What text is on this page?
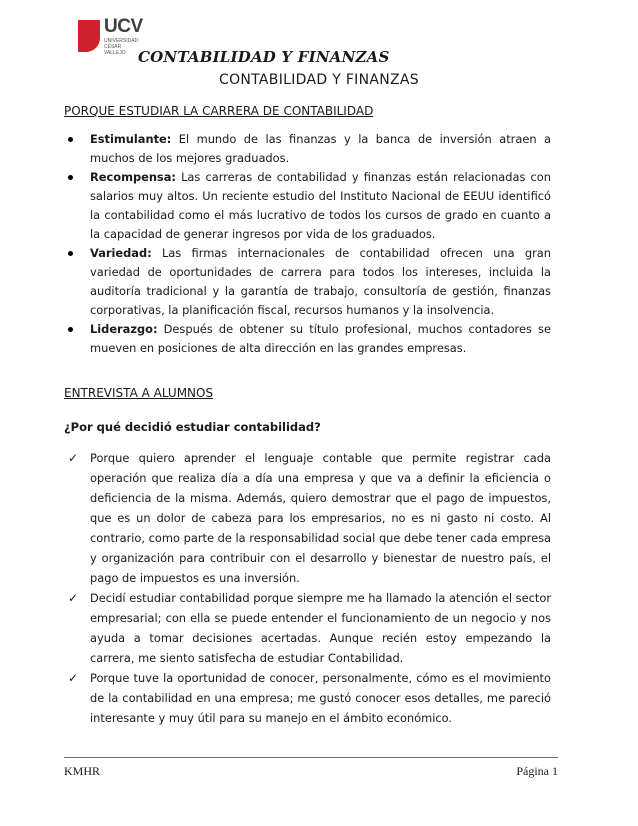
UCV
UNIVERSIDAD CÉSAR VALLEJO CONTABILIDAD Y FINANZAS
CONTABILIDAD Y FINANZAS
PORQUE ESTUDIAR LA CARRERA DE CONTABILIDAD
Estimulante: El mundo de las finanzas y la banca de inversión atraen a muchos de los mejores graduados.
Recompensa: Las carreras de contabilidad y finanzas están relacionadas con salarios muy altos. Un reciente estudio del Instituto Nacional de EEUU identificó la contabilidad como el más lucrativo de todos los cursos de grado en cuanto a la capacidad de generar ingresos por vida de los graduados.
Variedad: Las firmas internacionales de contabilidad ofrecen una gran variedad de oportunidades de carrera para todos los intereses, incluida la auditoría tradicional y la garantía de trabajo, consultoría de gestión, finanzas corporativas, la planificación fiscal, recursos humanos y la insolvencia.
Liderazgo: Después de obtener su título profesional, muchos contadores se mueven en posiciones de alta dirección en las grandes empresas.
ENTREVISTA A ALUMNOS
¿Por qué decidió estudiar contabilidad?
✓ Porque quiero aprender el lenguaje contable que permite registrar cada operación que realiza día a día una empresa y que va a definir la eficiencia o deficiencia de la misma. Además, quiero demostrar que el pago de impuestos, que es un dolor de cabeza para los empresarios, no es ni gasto ni costo. Al contrario, como parte de la responsabilidad social que debe tener cada empresa y organización para contribuir con el desarrollo y bienestar de nuestro país, el pago de impuestos es una inversión.
✓ Decidí estudiar contabilidad porque siempre me ha llamado la atención el sector empresarial; con ella se puede entender el funcionamiento de un negocio y nos ayuda a tomar decisiones acertadas. Aunque recién estoy empezando la carrera, me siento satisfecha de estudiar Contabilidad.
✓ Porque tuve la oportunidad de conocer, personalmente, cómo es el movimiento de la contabilidad en una empresa; me gustó conocer esos detalles, me pareció interesante y muy útil para su manejo en el ámbito económico.
KMHR	Página 1
